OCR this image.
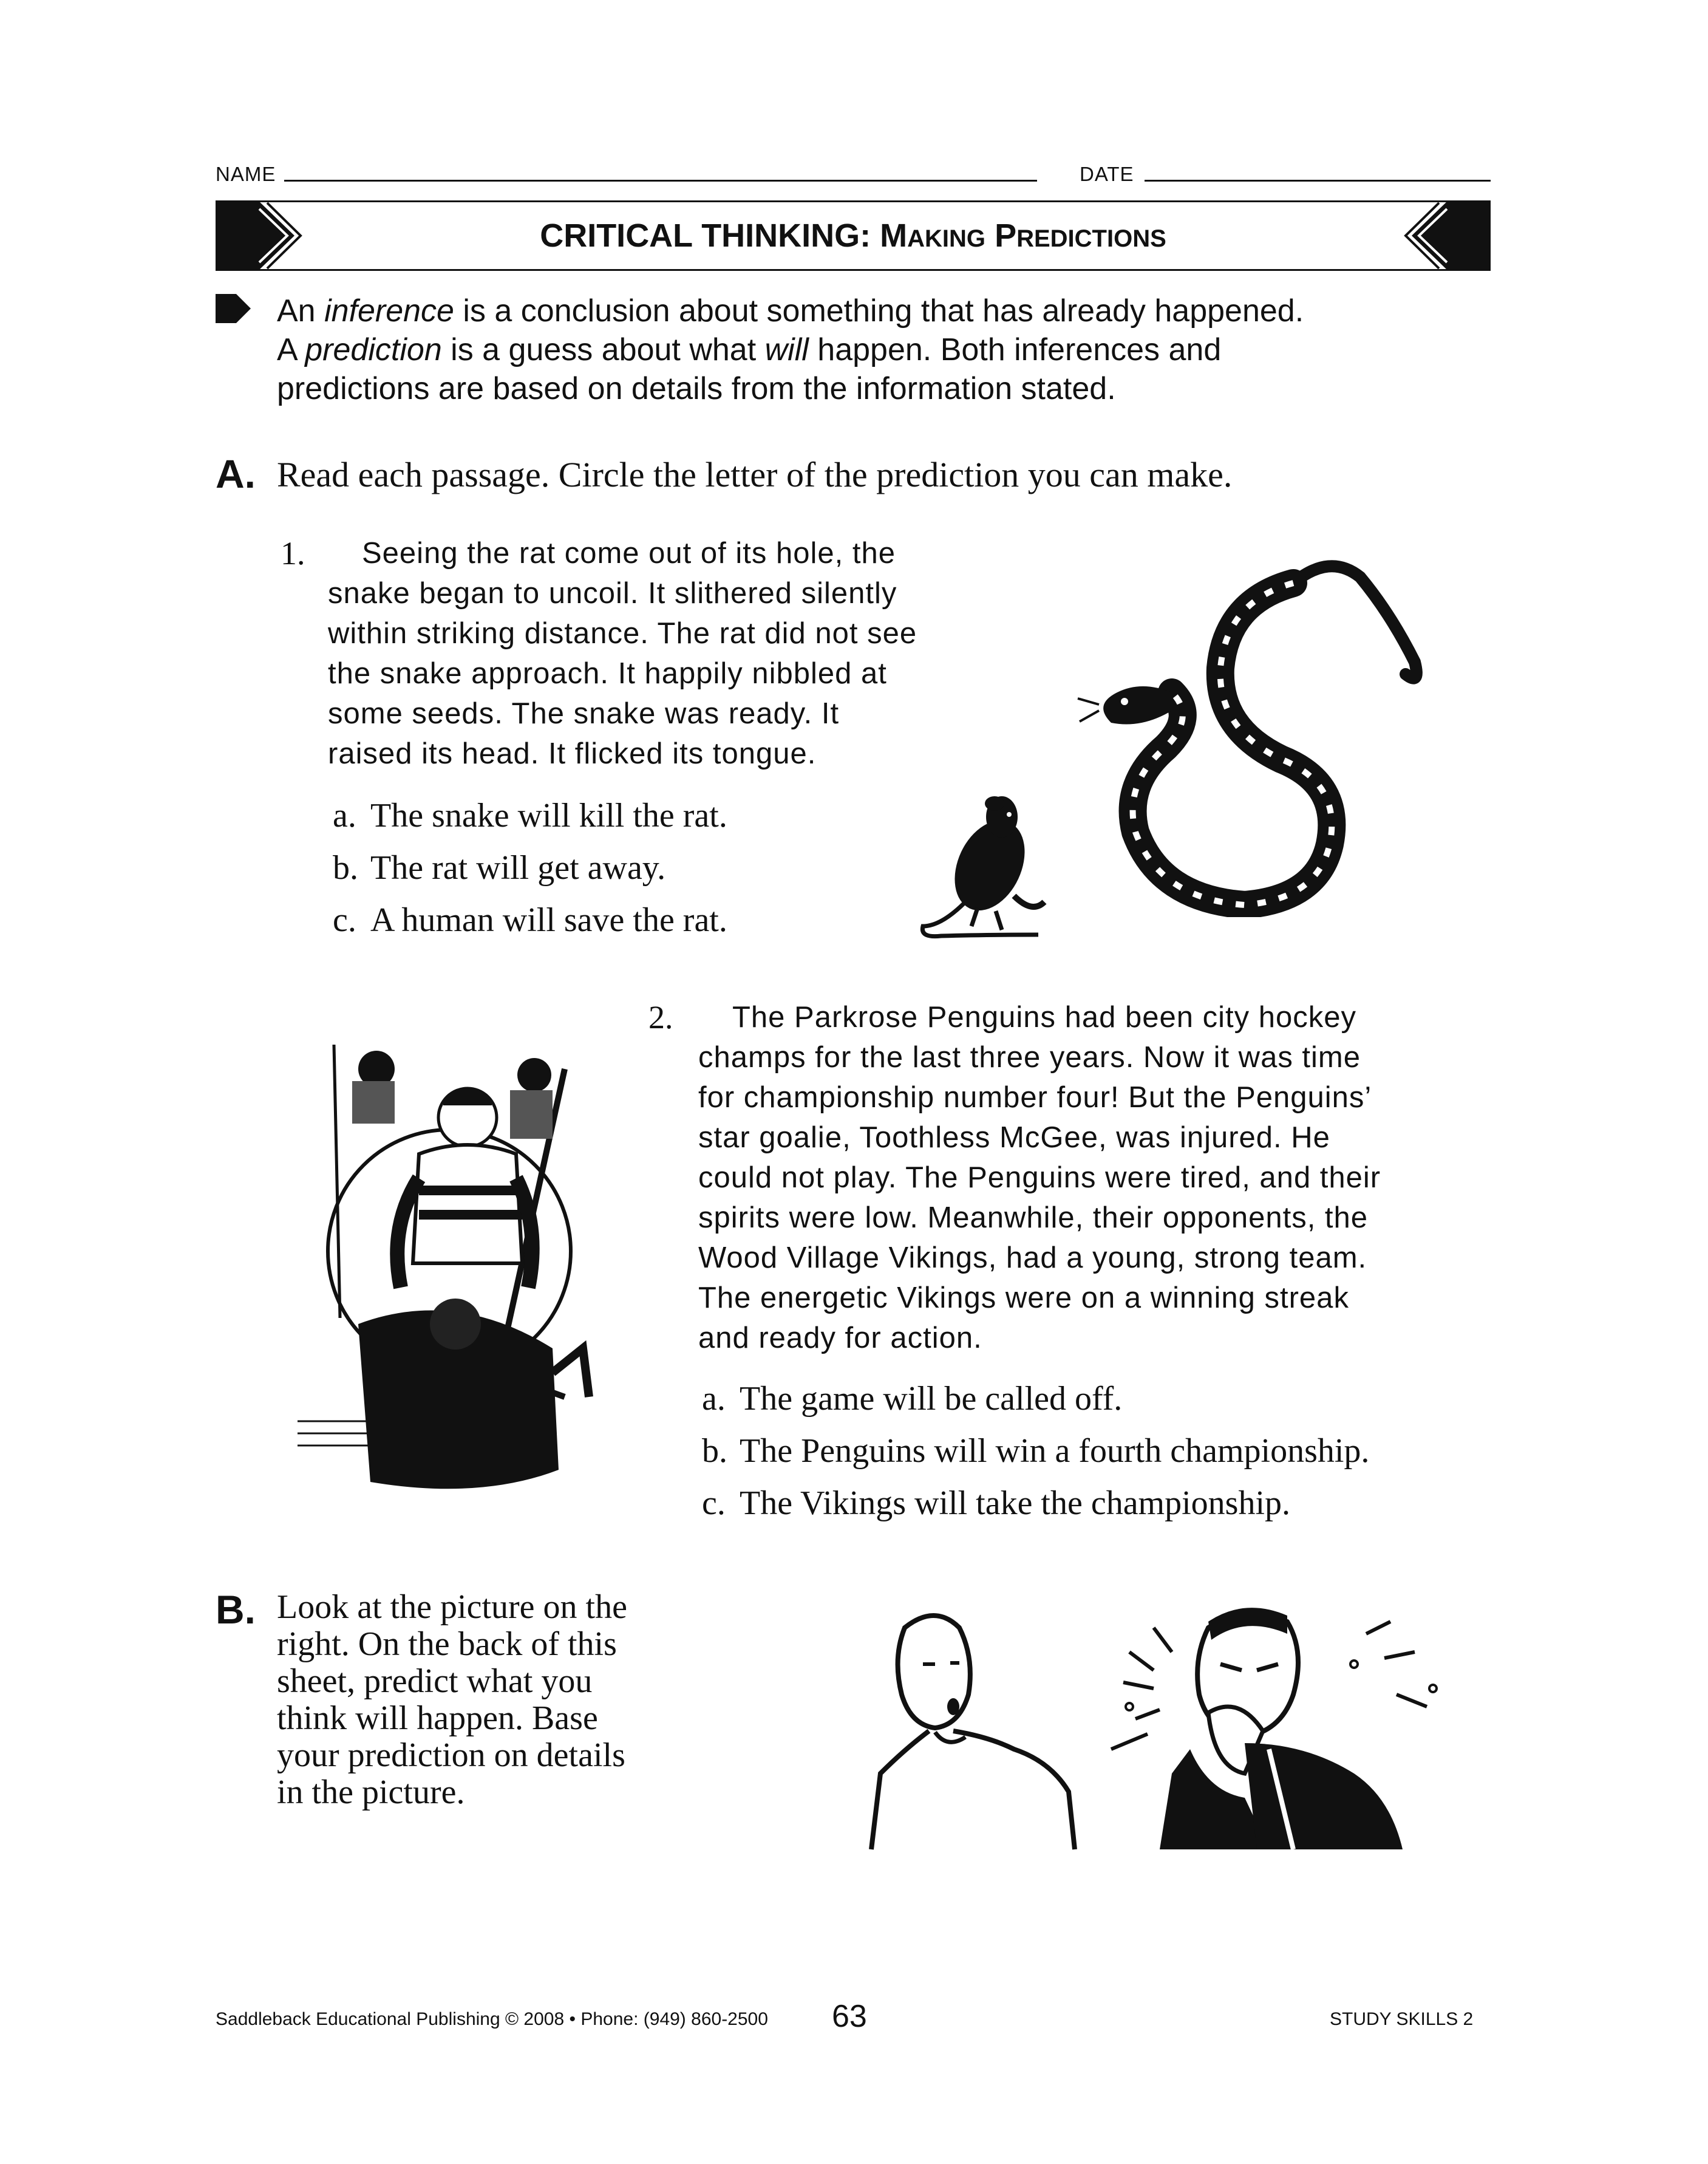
NAME	DATE
CRITICAL THINKING: MAKING PREDICTIONS
An inference is a conclusion about something that has already happened.
A prediction is a guess about what will happen. Both inferences and
predictions are based on details from the information stated.
A. Read each passage. Circle the letter of the prediction you can make.
1.	Seeing the rat come out of its hole, the
snake began to uncoil. It slithered silently
within striking distance. The rat did not see
the snake approach. It happily nibbled at
some seeds. The snake was ready. It
raised its head. It flicked its tongue.
a. The snake will kill the rat.
b. The rat will get away.
c. A human will save the rat.
2.	The Parkrose Penguins had been city hockey
champs for the last three years. Now it was time
for championship number four! But the Penguins’
star goalie, Toothless McGee, was injured. He
could not play. The Penguins were tired, and their
spirits were low. Meanwhile, their opponents, the
Wood Village Vikings, had a young, strong team.
The energetic Vikings were on a winning streak
and ready for action.
a. The game will be called off.
b. The Penguins will win a fourth championship.
c. The Vikings will take the championship.
B. Look at the picture on the
right. On the back of this
sheet, predict what you
think will happen. Base
your prediction on details
in the picture.
Saddleback Educational Publishing © 2008 • Phone: (949) 860-2500 63	STUDY SKILLS 2
